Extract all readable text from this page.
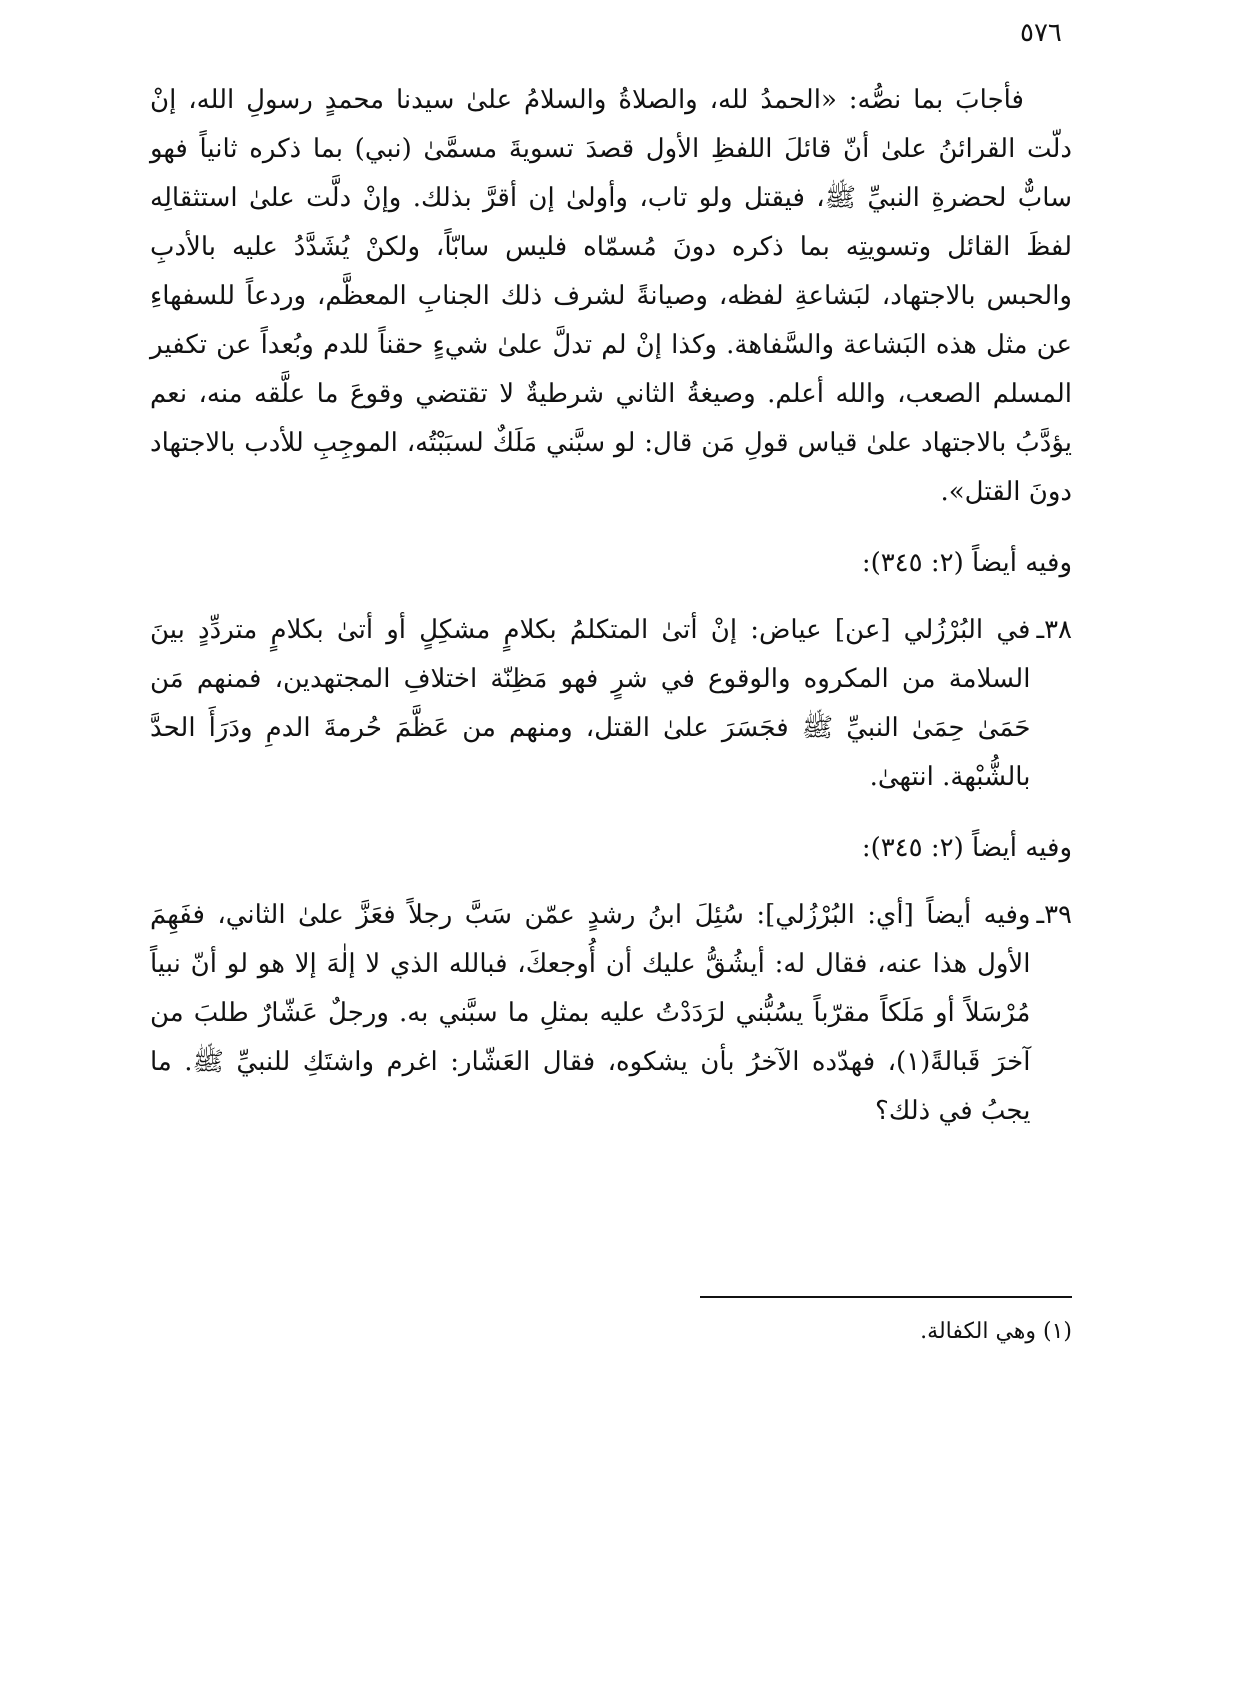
٥٧٦

فأجابَ بما نصُّه: «الحمدُ لله، والصلاةُ والسلامُ علىٰ سيدنا محمدٍ رسولِ الله، إنْ دلّت القرائنُ علىٰ أنّ قائلَ اللفظِ الأول قصدَ تسويةَ مسمَّىٰ (نبي) بما ذكره ثانياً فهو سابٌّ لحضرةِ النبيِّ ﷺ، فيقتل ولو تاب، وأولىٰ إن أقرَّ بذلك. وإنْ دلَّت علىٰ استثقالِه لفظَ القائل وتسويتِه بما ذكره دونَ مُسمّاه فليس سابّاً، ولكنْ يُشَدَّدُ عليه بالأدبِ والحبس بالاجتهاد، لبَشاعةِ لفظه، وصيانةً لشرف ذلك الجنابِ المعظَّم، وردعاً للسفهاءِ عن مثل هذه البَشاعة والسَّفاهة. وكذا إنْ لم تدلَّ علىٰ شيءٍ حقناً للدم وبُعداً عن تكفير المسلم الصعب، والله أعلم. وصيغةُ الثاني شرطيةٌ لا تقتضي وقوعَ ما علَّقه منه، نعم يؤدَّبُ بالاجتهاد علىٰ قياس قولِ مَن قال: لو سبَّني مَلَكٌ لسبَبْتُه، الموجِبِ للأدب بالاجتهاد دونَ القتل».

وفيه أيضاً (٢: ٣٤٥):

٣٨ـ

في البُرْزُلي [عن] عياض: إنْ أتىٰ المتكلمُ بكلامٍ مشكِلٍ أو أتىٰ بكلامٍ متردِّدٍ بينَ السلامة من المكروه والوقوع في شرٍ فهو مَظِنّة اختلافِ المجتهدين، فمنهم مَن حَمَىٰ حِمَىٰ النبيِّ ﷺ فجَسَرَ علىٰ القتل، ومنهم من عَظَّمَ حُرمةَ الدمِ ودَرَأَ الحدَّ بالشُّبْهة. انتهىٰ.

وفيه أيضاً (٢: ٣٤٥):

٣٩ـ

وفيه أيضاً [أي: البُرْزُلي]: سُئِلَ ابنُ رشدٍ عمّن سَبَّ رجلاً فعَزَّ علىٰ الثاني، ففَهِمَ الأول هذا عنه، فقال له: أيشُقُّ عليك أن أُوجعكَ، فبالله الذي لا إلٰهَ إلا هو لو أنّ نبياً مُرْسَلاً أو مَلَكاً مقرّباً يسُبُّني لرَدَدْتُ عليه بمثلِ ما سبَّني به. ورجلٌ عَشّارٌ طلبَ من آخرَ قَبالةً(١)، فهدّده الآخرُ بأن يشكوه، فقال العَشّار: اغرم واشتَكِ للنبيِّ ﷺ. ما يجبُ في ذلك؟

(١) وهي الكفالة.
